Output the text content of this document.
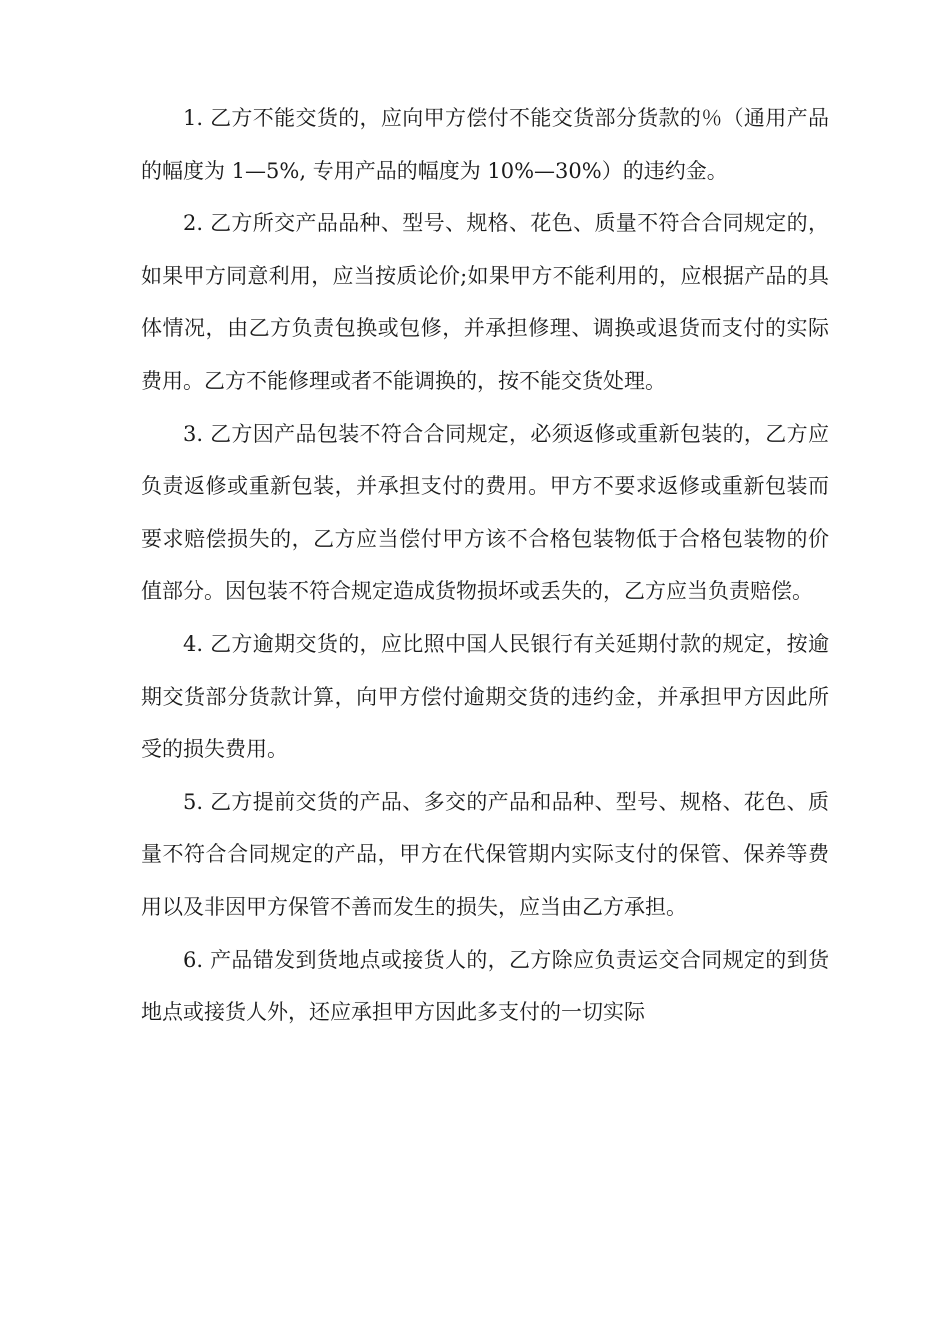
1. 乙方不能交货的，应向甲方偿付不能交货部分货款的％（通用产品的幅度为 1—5%, 专用产品的幅度为 10%—30%）的违约金。

2. 乙方所交产品品种、型号、规格、花色、质量不符合合同规定的，如果甲方同意利用，应当按质论价;如果甲方不能利用的，应根据产品的具体情况，由乙方负责包换或包修，并承担修理、调换或退货而支付的实际费用。乙方不能修理或者不能调换的，按不能交货处理。

3. 乙方因产品包装不符合合同规定，必须返修或重新包装的，乙方应负责返修或重新包装，并承担支付的费用。甲方不要求返修或重新包装而要求赔偿损失的，乙方应当偿付甲方该不合格包装物低于合格包装物的价值部分。因包装不符合规定造成货物损坏或丢失的，乙方应当负责赔偿。

4. 乙方逾期交货的，应比照中国人民银行有关延期付款的规定，按逾期交货部分货款计算，向甲方偿付逾期交货的违约金，并承担甲方因此所受的损失费用。

5. 乙方提前交货的产品、多交的产品和品种、型号、规格、花色、质量不符合合同规定的产品，甲方在代保管期内实际支付的保管、保养等费用以及非因甲方保管不善而发生的损失，应当由乙方承担。

6. 产品错发到货地点或接货人的，乙方除应负责运交合同规定的到货地点或接货人外，还应承担甲方因此多支付的一切实际
